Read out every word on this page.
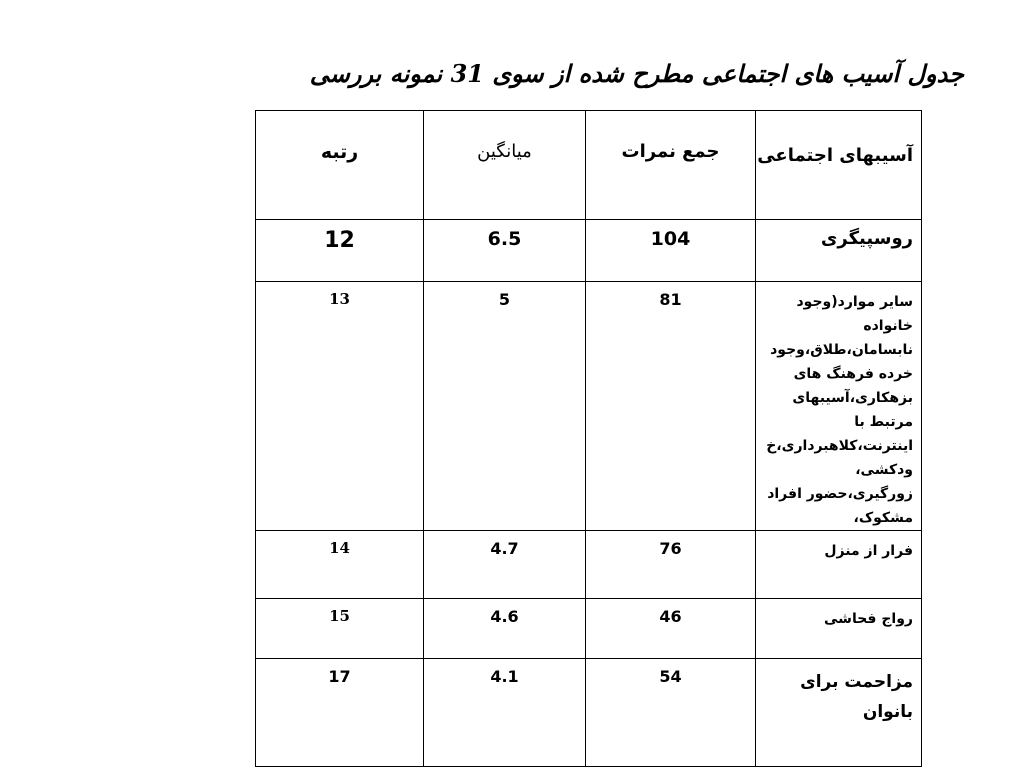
جدول آسیب های اجتماعی مطرح شده از سوی 31 نمونه بررسی
آسیبهای اجتماعی	جمع نمرات	میانگین	رتبه
روسپیگری	104	6.5	12
سایر موارد(وجود خانواده نابسامان،طلاق،وجود خرده فرهنگ های بزهکاری،آسیبهای مرتبط با اینترنت،کلاهبرداری،خ ودکشی، زورگیری،حضور افراد مشکوک،	81	5	13
فرار از منزل	76	4.7	14
رواج فحاشی	46	4.6	15
مزاحمت برای بانوان	54	4.1	17
